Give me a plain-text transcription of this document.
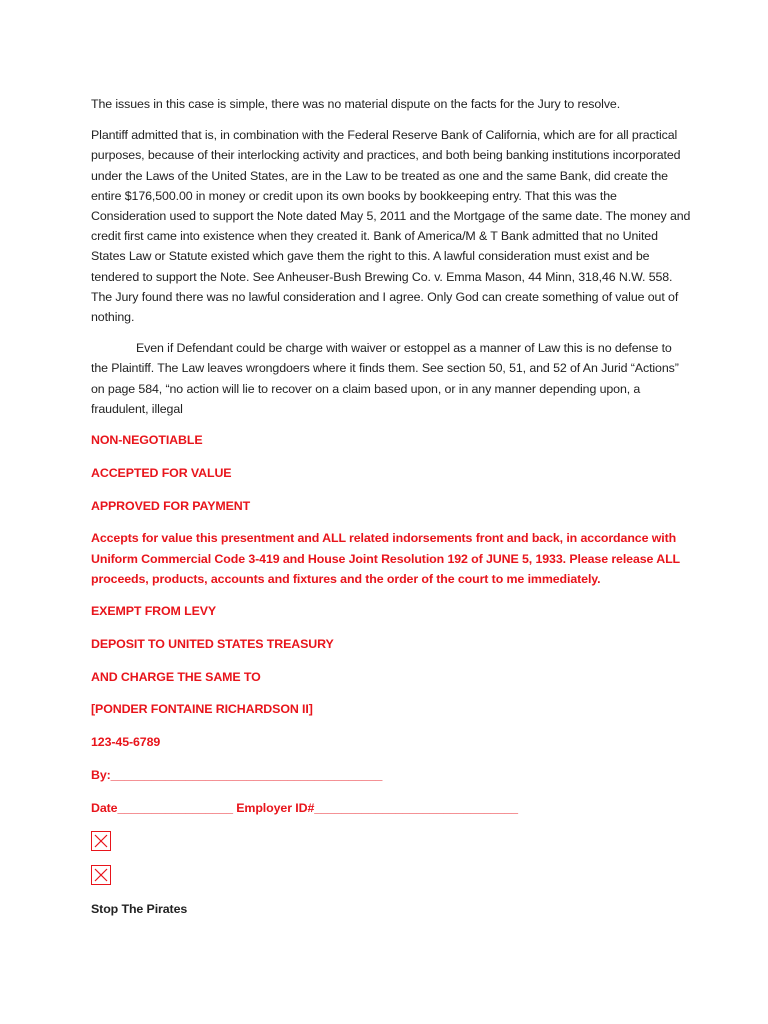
The issues in this case is simple, there was no material dispute on the facts for the Jury to resolve.

Plantiff admitted that is, in combination with the Federal Reserve Bank of California, which are for all practical purposes, because of their interlocking activity and practices, and both being banking institutions incorporated under the Laws of the United States, are in the Law to be treated as one and the same Bank, did create the entire $176,500.00 in money or credit upon its own books by bookkeeping entry. That this was the Consideration used to support the Note dated May 5, 2011 and the Mortgage of the same date. The money and credit first came into existence when they created it. Bank of America/M & T Bank admitted that no United States Law or Statute existed which gave them the right to this. A lawful consideration must exist and be tendered to support the Note. See Anheuser-Bush Brewing Co. v. Emma Mason, 44 Minn, 318,46 N.W. 558. The Jury found there was no lawful consideration and I agree. Only God can create something of value out of nothing.

Even if Defendant could be charge with waiver or estoppel as a manner of Law this is no defense to the Plaintiff. The Law leaves wrongdoers where it finds them. See section 50, 51, and 52 of An Jurid “Actions” on page 584, “no action will lie to recover on a claim based upon, or in any manner depending upon, a fraudulent, illegal

NON-NEGOTIABLE
ACCEPTED FOR VALUE
APPROVED FOR PAYMENT
Accepts for value this presentment and ALL related indorsements front and back, in accordance with Uniform Commercial Code 3-419 and House Joint Resolution 192 of JUNE 5, 1933. Please release ALL proceeds, products, accounts and fixtures and the order of the court to me immediately.
EXEMPT FROM LEVY
DEPOSIT TO UNITED STATES TREASURY
AND CHARGE THE SAME TO
[PONDER FONTAINE RICHARDSON II]
123-45-6789
By:________________________________________
Date_________________ Employer ID#______________________________
Stop The Pirates
